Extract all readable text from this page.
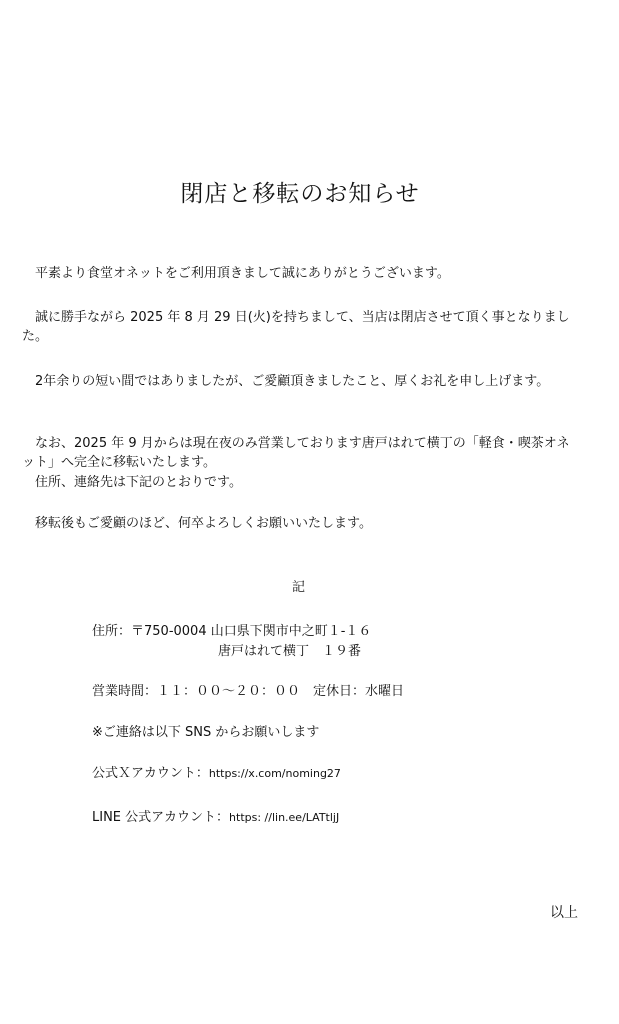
閉店と移転のお知らせ

　平素より食堂オネットをご利用頂きまして誠にありがとうございます。

　誠に勝手ながら 2025 年 8 月 29 日(火)を持ちまして、当店は閉店させて頂く事となりました。

　2年余りの短い間ではありましたが、ご愛顧頂きましたこと、厚くお礼を申し上げます。

　なお、2025 年 9 月からは現在夜のみ営業しております唐戸はれて横丁の「軽食・喫茶オネット」へ完全に移転いたします。

　住所、連絡先は下記のとおりです。

　移転後もご愛顧のほど、何卒よろしくお願いいたします。

記

住所：〒750-0004 山口県下関市中之町１-１６

唐戸はれて横丁　１９番

営業時間：１１：００～２０：００　定休日：水曜日

※ご連絡は以下 SNS からお願いします

公式Ｘアカウント：https://x.com/noming27

LINE 公式アカウント：https: //lin.ee/LATtljJ

以上
